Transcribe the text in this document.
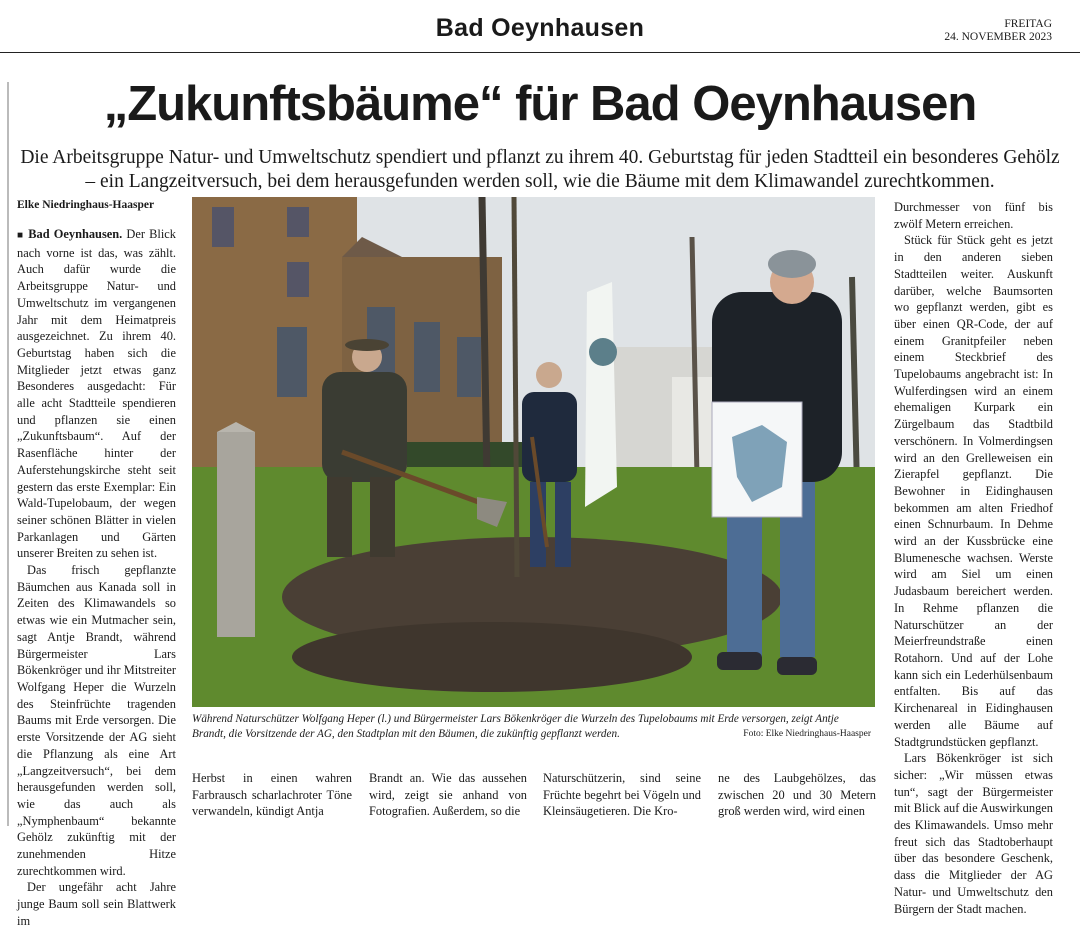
Bad Oeynhausen	FREITAG
24. NOVEMBER 2023
„Zukunftsbäume“ für Bad Oeynhausen
Die Arbeitsgruppe Natur- und Umweltschutz spendiert und pflanzt zu ihrem 40. Geburtstag für jeden Stadtteil ein besonderes Gehölz – ein Langzeitversuch, bei dem herausgefunden werden soll, wie die Bäume mit dem Klimawandel zurechtkommen.
Elke Niedringhaus-Haasper

■ Bad Oeynhausen. Der Blick nach vorne ist das, was zählt. Auch dafür wurde die Arbeitsgruppe Natur- und Umweltschutz im vergangenen Jahr mit dem Heimatpreis ausgezeichnet. Zu ihrem 40. Geburtstag haben sich die Mitglieder jetzt etwas ganz Besonderes ausgedacht: Für alle acht Stadtteile spendieren und pflanzen sie einen „Zukunftsbaum“. Auf der Rasenfläche hinter der Auferstehungskirche steht seit gestern das erste Exemplar: Ein Wald-Tupelobaum, der wegen seiner schönen Blätter in vielen Parkanlagen und Gärten unserer Breiten zu sehen ist.

Das frisch gepflanzte Bäumchen aus Kanada soll in Zeiten des Klimawandels so etwas wie ein Mutmacher sein, sagt Antje Brandt, während Bürgermeister Lars Bökenkröger und ihr Mitstreiter Wolfgang Heper die Wurzeln des Steinfrüchte tragenden Baums mit Erde versorgen. Die erste Vorsitzende der AG sieht die Pflanzung als eine Art „Langzeitversuch“, bei dem herausgefunden werden soll, wie das auch als „Nymphenbaum“ bekannte Gehölz zukünftig mit der zunehmenden Hitze zurechtkommen wird.

Der ungefähr acht Jahre junge Baum soll sein Blattwerk im

Während Naturschützer Wolfgang Heper (l.) und Bürgermeister Lars Bökenkröger die Wurzeln des Tupelobaums mit Erde versorgen, zeigt Antje Brandt, die Vorsitzende der AG, den Stadtplan mit den Bäumen, die zukünftig gepflanzt werden.	Foto: Elke Niedringhaus-Haasper

Herbst in einen wahren Farbrausch scharlachroter Töne verwandeln, kündigt Antja

Brandt an. Wie das aussehen wird, zeigt sie anhand von Fotografien. Außerdem, so die

Naturschützerin, sind seine Früchte begehrt bei Vögeln und Kleinsäugetieren. Die Kro-

ne des Laubgehölzes, das zwischen 20 und 30 Metern groß werden wird, wird einen

Durchmesser von fünf bis zwölf Metern erreichen.

Stück für Stück geht es jetzt in den anderen sieben Stadtteilen weiter. Auskunft darüber, welche Baumsorten wo gepflanzt werden, gibt es über einen QR-Code, der auf einem Granitpfeiler neben einem Steckbrief des Tupelobaums angebracht ist: In Wulferdingsen wird an einem ehemaligen Kurpark ein Zürgelbaum das Stadtbild verschönern. In Volmerdingsen wird an den Grelleweisen ein Zierapfel gepflanzt. Die Bewohner in Eidinghausen bekommen am alten Friedhof einen Schnurbaum. In Dehme wird an der Kussbrücke eine Blumenesche wachsen. Werste wird am Siel um einen Judasbaum bereichert werden. In Rehme pflanzen die Naturschützer an der Meierfreundstraße einen Rotahorn. Und auf der Lohe kann sich ein Lederhülsenbaum entfalten. Bis auf das Kirchenareal in Eidinghausen werden alle Bäume auf Stadtgrundstücken gepflanzt.

Lars Bökenkröger ist sich sicher: „Wir müssen etwas tun“, sagt der Bürgermeister mit Blick auf die Auswirkungen des Klimawandels. Umso mehr freut sich das Stadtoberhaupt über das besondere Geschenk, dass die Mitglieder der AG Natur- und Umweltschutz den Bürgern der Stadt machen.
